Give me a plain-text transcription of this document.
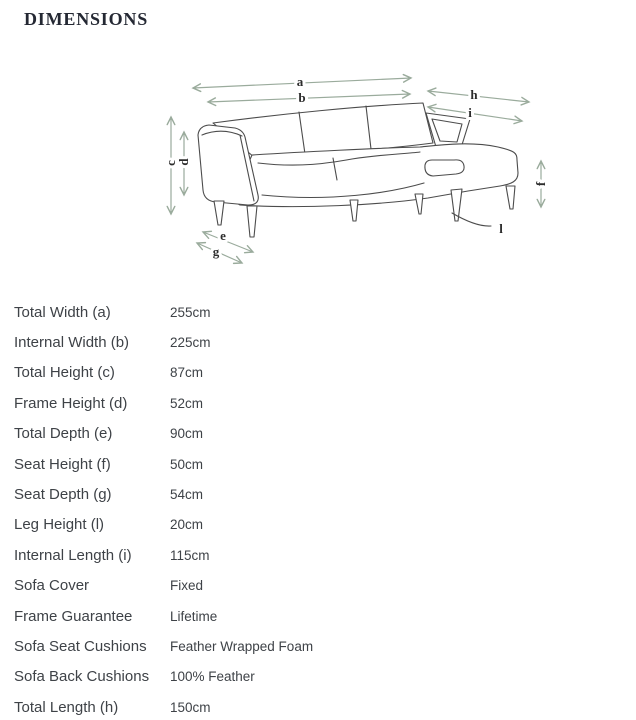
DIMENSIONS
a
b	h
i
c
d
e
g
f
l
Total Width (a)	255cm
Internal Width (b)	225cm
Total Height (c)	87cm
Frame Height (d)	52cm
Total Depth (e)	90cm
Seat Height (f)	50cm
Seat Depth (g)	54cm
Leg Height (l)	20cm
Internal Length (i)	115cm
Sofa Cover	Fixed
Frame Guarantee	Lifetime
Sofa Seat Cushions	Feather Wrapped Foam
Sofa Back Cushions	100% Feather
Total Length (h)	150cm
